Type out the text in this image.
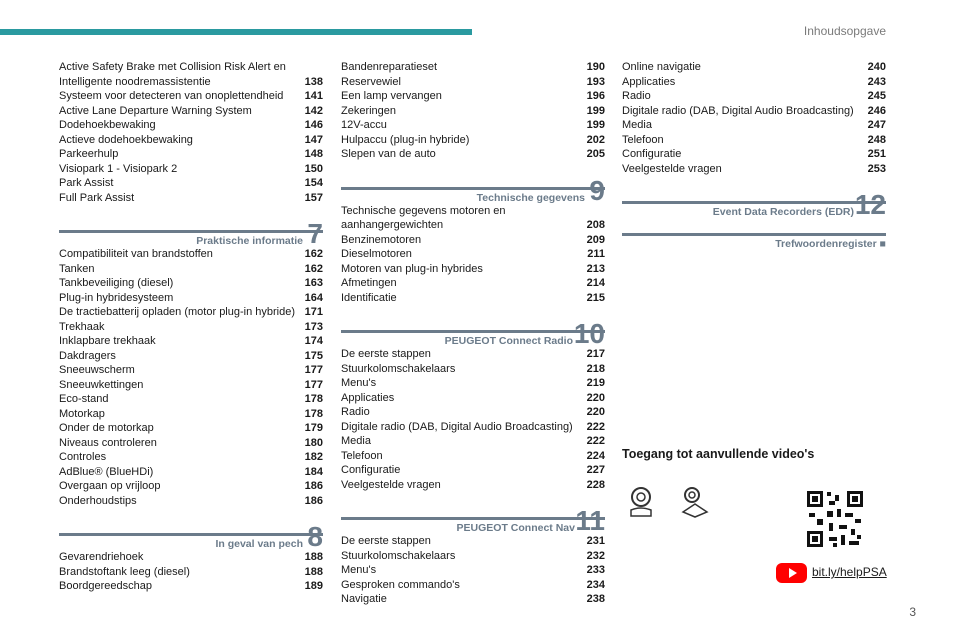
Inhoudsopgave
Active Safety Brake met Collision Risk Alert en Intelligente noodremassistentie	138
Systeem voor detecteren van onoplettendheid	141
Active Lane Departure Warning System	142
Dodehoekbewaking	146
Actieve dodehoekbewaking	147
Parkeerhulp	148
Visiopark 1 - Visiopark 2	150
Park Assist	154
Full Park Assist	157
Praktische informatie 7
Compatibiliteit van brandstoffen	162
Tanken	162
Tankbeveiliging (diesel)	163
Plug-in hybridesysteem	164
De tractiebatterij opladen (motor plug-in hybride) 171
Trekhaak	173
Inklapbare trekhaak	174
Dakdragers	175
Sneeuwscherm	177
Sneeuwkettingen	177
Eco-stand	178
Motorkap	178
Onder de motorkap	179
Niveaus controleren	180
Controles	182
AdBlue® (BlueHDi)	184
Overgaan op vrijloop	186
Onderhoudstips	186
In geval van pech 8
Gevarendriehoek	188
Brandstoftank leeg (diesel)	188
Boordgereedschap	189
Bandenreparatieset	190
Reservewiel	193
Een lamp vervangen	196
Zekeringen	199
12V-accu	199
Hulpaccu (plug-in hybride)	202
Slepen van de auto	205
Technische gegevens 9
Technische gegevens motoren en aanhangergewichten	208
Benzinemotoren	209
Dieselmotoren	211
Motoren van plug-in hybrides	213
Afmetingen	214
Identificatie	215
PEUGEOT Connect Radio 10
De eerste stappen	217
Stuurkolomschakelaars	218
Menu's	219
Applicaties	220
Radio	220
Digitale radio (DAB, Digital Audio Broadcasting)	222
Media	222
Telefoon	224
Configuratie	227
Veelgestelde vragen	228
PEUGEOT Connect Nav 11
De eerste stappen	231
Stuurkolomschakelaars	232
Menu's	233
Gesproken commando's	234
Navigatie	238
Online navigatie	240
Applicaties	243
Radio	245
Digitale radio (DAB, Digital Audio Broadcasting)	246
Media	247
Telefoon	248
Configuratie	251
Veelgestelde vragen	253
Event Data Recorders (EDR) 12
Trefwoordenregister ■
Toegang tot aanvullende video's
bit.ly/helpPSA
3
